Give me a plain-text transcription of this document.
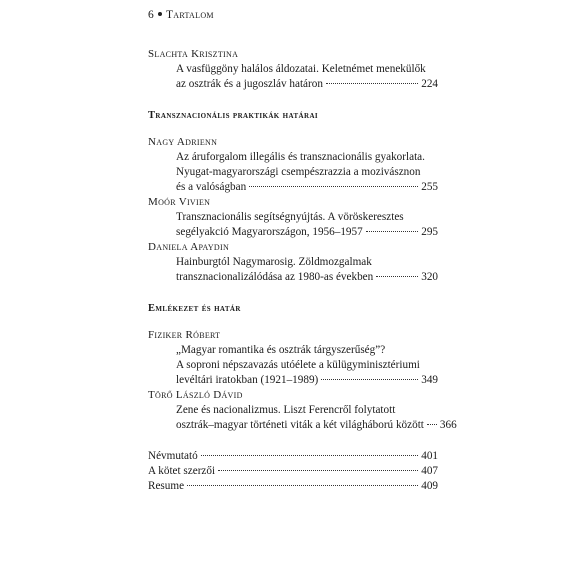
6 Tartalom
Slachta Krisztina
A vasfüggöny halálos áldozatai. Keletnémet menekülők
az osztrák és a jugoszláv határon	224
Transznacionális praktikák határai
Nagy Adrienn
Az áruforgalom illegális és transznacionális gyakorlata.
Nyugat-magyarországi csempészrazzia a mozivásznon
és a valóságban	255
Moór Vivien
Transznacionális segítségnyújtás. A vöröskeresztes
segélyakció Magyarországon, 1956–1957	295
Daniela Apaydin
Hainburgtól Nagymarosig. Zöldmozgalmak
transznacionalizálódása az 1980-as években	320
Emlékezet és határ
Fiziker Róbert
„Magyar romantika és osztrák tárgyszerűség”?
A soproni népszavazás utóélete a külügyminisztériumi
levéltári iratokban (1921–1989)	349
Törő László Dávid
Zene és nacionalizmus. Liszt Ferencről folytatott
osztrák–magyar történeti viták a két világháború között 366
Névmutató	401
A kötet szerzői	407
Resume	409
